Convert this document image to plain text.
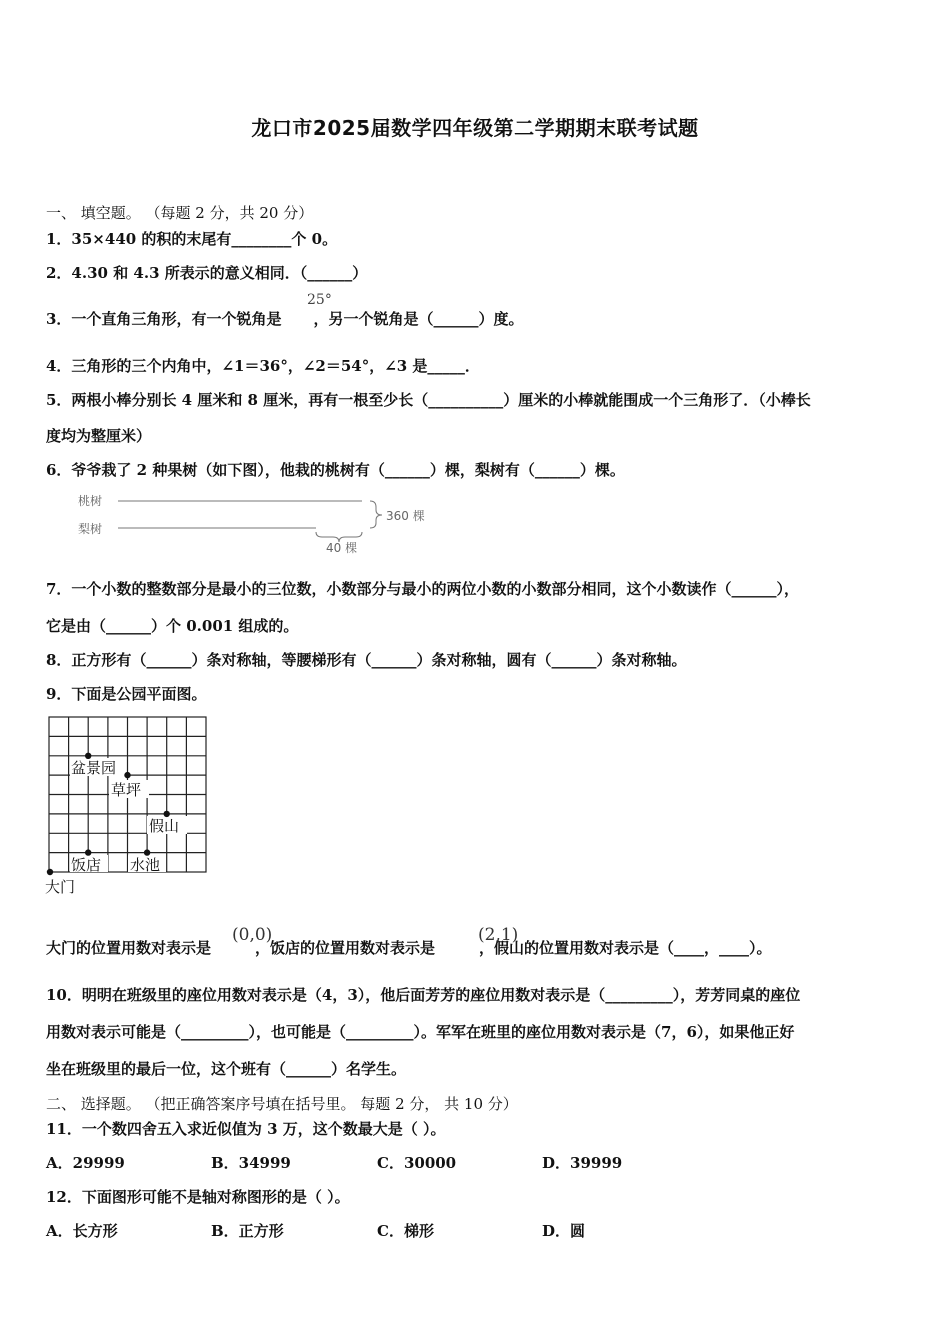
龙口市2025届数学四年级第二学期期末联考试题
一、 填空题。 （每题 2 分，共 20 分）
1．35×440 的积的末尾有________个 0。
2．4.30 和 4.3 所表示的意义相同．（______）
3．一个直角三角形，有一个锐角是 ，另一个锐角是（______）度。
25°
4．三角形的三个内角中，∠1＝36°，∠2＝54°，∠3 是_____．
5．两根小棒分别长 4 厘米和 8 厘米，再有一根至少长（__________）厘米的小棒就能围成一个三角形了．（小棒长
度均为整厘米）
6．爷爷栽了 2 种果树（如下图），他栽的桃树有（______）棵，梨树有（______）棵。
桃树
梨树
360 棵
40 棵
7．一个小数的整数部分是最小的三位数，小数部分与最小的两位小数的小数部分相同，这个小数读作（______），
它是由（______）个 0.001 组成的。
8．正方形有（______）条对称轴，等腰梯形有（______）条对称轴，圆有（______）条对称轴。
9．下面是公园平面图。
盆景园
草坪
假山
饭店 水池
大门
大门的位置用数对表示是	，饭店的位置用数对表示是	，假山的位置用数对表示是（____，____）。
(0,0)	(2,1)
10．明明在班级里的座位用数对表示是（4，3），他后面芳芳的座位用数对表示是（_________），芳芳同桌的座位
用数对表示可能是（_________），也可能是（_________）。军军在班里的座位用数对表示是（7，6），如果他正好
坐在班级里的最后一位，这个班有（______）名学生。
二、 选择题。 （把正确答案序号填在括号里。 每题 2 分， 共 10 分）
11．一个数四舍五入求近似值为 3 万，这个数最大是（ ）。
A．29999	B．34999	C．30000	D．39999
12．下面图形可能不是轴对称图形的是（ ）。
A．长方形	B．正方形	C．梯形	D．圆
